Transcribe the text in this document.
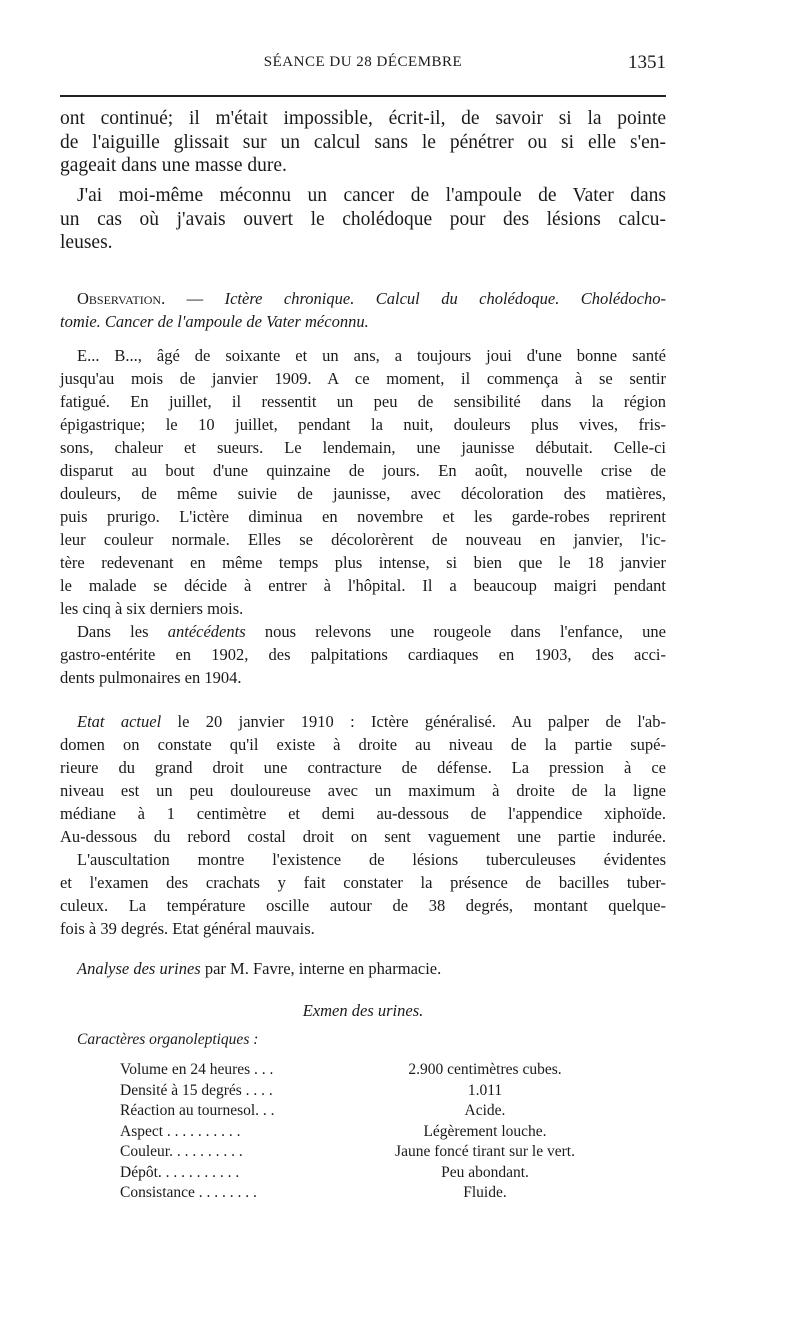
SÉANCE DU 28 DÉCEMBRE	1351
ont continué; il m'était impossible, écrit-il, de savoir si la pointe
de l'aiguille glissait sur un calcul sans le pénétrer ou si elle s'en-
gageait dans une masse dure.
J'ai moi-même méconnu un cancer de l'ampoule de Vater dans
un cas où j'avais ouvert le cholédoque pour des lésions calcu-
leuses.
Observation. — Ictère chronique. Calcul du cholédoque. Cholédocho-
tomie. Cancer de l'ampoule de Vater méconnu.
E... B..., âgé de soixante et un ans, a toujours joui d'une bonne santé
jusqu'au mois de janvier 1909. A ce moment, il commença à se sentir
fatigué. En juillet, il ressentit un peu de sensibilité dans la région
épigastrique; le 10 juillet, pendant la nuit, douleurs plus vives, fris-
sons, chaleur et sueurs. Le lendemain, une jaunisse débutait. Celle-ci
disparut au bout d'une quinzaine de jours. En août, nouvelle crise de
douleurs, de même suivie de jaunisse, avec décoloration des matières,
puis prurigo. L'ictère diminua en novembre et les garde-robes reprirent
leur couleur normale. Elles se décolorèrent de nouveau en janvier, l'ic-
tère redevenant en même temps plus intense, si bien que le 18 janvier
le malade se décide à entrer à l'hôpital. Il a beaucoup maigri pendant
les cinq à six derniers mois.
Dans les antécédents nous relevons une rougeole dans l'enfance, une
gastro-entérite en 1902, des palpitations cardiaques en 1903, des acci-
dents pulmonaires en 1904.
Etat actuel le 20 janvier 1910 : Ictère généralisé. Au palper de l'ab-
domen on constate qu'il existe à droite au niveau de la partie supé-
rieure du grand droit une contracture de défense. La pression à ce
niveau est un peu douloureuse avec un maximum à droite de la ligne
médiane à 1 centimètre et demi au-dessous de l'appendice xiphoïde.
Au-dessous du rebord costal droit on sent vaguement une partie indurée.
L'auscultation montre l'existence de lésions tuberculeuses évidentes
et l'examen des crachats y fait constater la présence de bacilles tuber-
culeux. La température oscille autour de 38 degrés, montant quelque-
fois à 39 degrés. Etat général mauvais.
Analyse des urines par M. Favre, interne en pharmacie.
Exmen des urines.
Caractères organoleptiques :
Volume en 24 heures . . .	2.900 centimètres cubes.
Densité à 15 degrés . . . .	1.011
Réaction au tournesol. . .	Acide.
Aspect . . . . . . . . . .	Légèrement louche.
Couleur. . . . . . . . . .	Jaune foncé tirant sur le vert.
Dépôt. . . . . . . . . . .	Peu abondant.
Consistance . . . . . . . .	Fluide.
